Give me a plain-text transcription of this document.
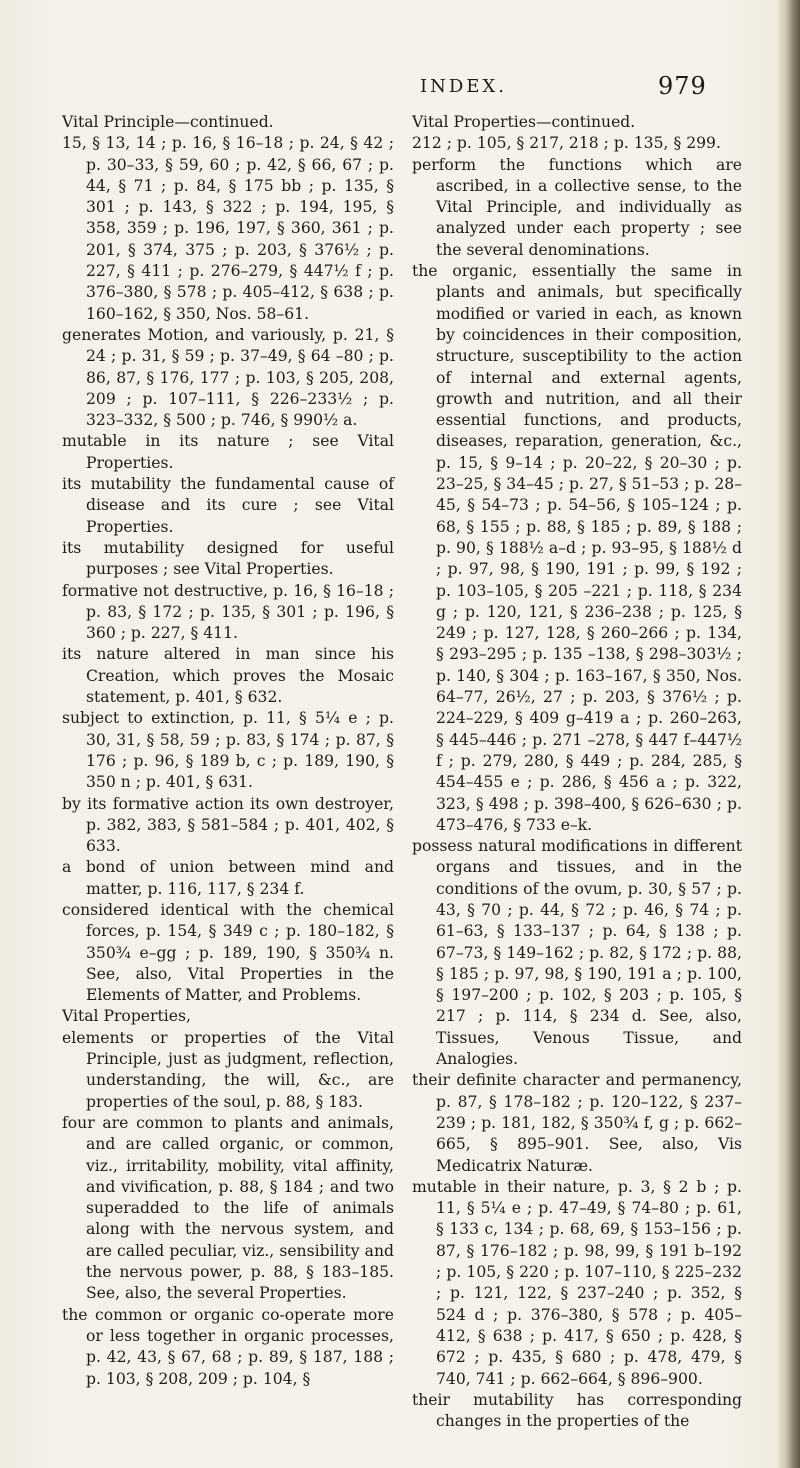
INDEX.	979

Vital Principle—continued.

15, § 13, 14 ; p. 16, § 16–18 ; p. 24, § 42 ; p. 30–33, § 59, 60 ; p. 42, § 66, 67 ; p. 44, § 71 ; p. 84, § 175 bb ; p. 135, § 301 ; p. 143, § 322 ; p. 194, 195, § 358, 359 ; p. 196, 197, § 360, 361 ; p. 201, § 374, 375 ; p. 203, § 376½ ; p. 227, § 411 ; p. 276–279, § 447½ f ; p. 376–380, § 578 ; p. 405–412, § 638 ; p. 160–162, § 350, Nos. 58–61.

generates Motion, and variously, p. 21, § 24 ; p. 31, § 59 ; p. 37–49, § 64 –80 ; p. 86, 87, § 176, 177 ; p. 103, § 205, 208, 209 ; p. 107–111, § 226–233½ ; p. 323–332, § 500 ; p. 746, § 990½ a.

mutable in its nature ; see Vital Properties.

its mutability the fundamental cause of disease and its cure ; see Vital Properties.

its mutability designed for useful purposes ; see Vital Properties.

formative not destructive, p. 16, § 16–18 ; p. 83, § 172 ; p. 135, § 301 ; p. 196, § 360 ; p. 227, § 411.

its nature altered in man since his Creation, which proves the Mosaic statement, p. 401, § 632.

subject to extinction, p. 11, § 5¼ e ; p. 30, 31, § 58, 59 ; p. 83, § 174 ; p. 87, § 176 ; p. 96, § 189 b, c ; p. 189, 190, § 350 n ; p. 401, § 631.

by its formative action its own destroyer, p. 382, 383, § 581–584 ; p. 401, 402, § 633.

a bond of union between mind and matter, p. 116, 117, § 234 f.

considered identical with the chemical forces, p. 154, § 349 c ; p. 180–182, § 350¾ e–gg ; p. 189, 190, § 350¾ n. See, also, Vital Properties in the Elements of Matter, and Problems.

Vital Properties,

elements or properties of the Vital Principle, just as judgment, reflection, understanding, the will, &c., are properties of the soul, p. 88, § 183.

four are common to plants and animals, and are called organic, or common, viz., irritability, mobility, vital affinity, and vivification, p. 88, § 184 ; and two superadded to the life of animals along with the nervous system, and are called peculiar, viz., sensibility and the nervous power, p. 88, § 183–185. See, also, the several Properties.

the common or organic co-operate more or less together in organic processes, p. 42, 43, § 67, 68 ; p. 89, § 187, 188 ; p. 103, § 208, 209 ; p. 104, §

Vital Properties—continued.

212 ; p. 105, § 217, 218 ; p. 135, § 299.

perform the functions which are ascribed, in a collective sense, to the Vital Principle, and individually as analyzed under each property ; see the several denominations.

the organic, essentially the same in plants and animals, but specifically modified or varied in each, as known by coincidences in their composition, structure, susceptibility to the action of internal and external agents, growth and nutrition, and all their essential functions, and products, diseases, reparation, generation, &c., p. 15, § 9–14 ; p. 20–22, § 20–30 ; p. 23–25, § 34–45 ; p. 27, § 51–53 ; p. 28–45, § 54–73 ; p. 54–56, § 105–124 ; p. 68, § 155 ; p. 88, § 185 ; p. 89, § 188 ; p. 90, § 188½ a–d ; p. 93–95, § 188½ d ; p. 97, 98, § 190, 191 ; p. 99, § 192 ; p. 103–105, § 205 –221 ; p. 118, § 234 g ; p. 120, 121, § 236–238 ; p. 125, § 249 ; p. 127, 128, § 260–266 ; p. 134, § 293–295 ; p. 135 –138, § 298–303½ ; p. 140, § 304 ; p. 163–167, § 350, Nos. 64–77, 26½, 27 ; p. 203, § 376½ ; p. 224–229, § 409 g–419 a ; p. 260–263, § 445–446 ; p. 271 –278, § 447 f–447½ f ; p. 279, 280, § 449 ; p. 284, 285, § 454–455 e ; p. 286, § 456 a ; p. 322, 323, § 498 ; p. 398–400, § 626–630 ; p. 473–476, § 733 e–k.

possess natural modifications in different organs and tissues, and in the conditions of the ovum, p. 30, § 57 ; p. 43, § 70 ; p. 44, § 72 ; p. 46, § 74 ; p. 61–63, § 133–137 ; p. 64, § 138 ; p. 67–73, § 149–162 ; p. 82, § 172 ; p. 88, § 185 ; p. 97, 98, § 190, 191 a ; p. 100, § 197–200 ; p. 102, § 203 ; p. 105, § 217 ; p. 114, § 234 d. See, also, Tissues, Venous Tissue, and Analogies.

their definite character and permanency, p. 87, § 178–182 ; p. 120–122, § 237–239 ; p. 181, 182, § 350¾ f, g ; p. 662–665, § 895–901. See, also, Vis Medicatrix Naturæ.

mutable in their nature, p. 3, § 2 b ; p. 11, § 5¼ e ; p. 47–49, § 74–80 ; p. 61, § 133 c, 134 ; p. 68, 69, § 153–156 ; p. 87, § 176–182 ; p. 98, 99, § 191 b–192 ; p. 105, § 220 ; p. 107–110, § 225–232 ; p. 121, 122, § 237–240 ; p. 352, § 524 d ; p. 376–380, § 578 ; p. 405–412, § 638 ; p. 417, § 650 ; p. 428, § 672 ; p. 435, § 680 ; p. 478, 479, § 740, 741 ; p. 662–664, § 896–900.

their mutability has corresponding changes in the properties of the
